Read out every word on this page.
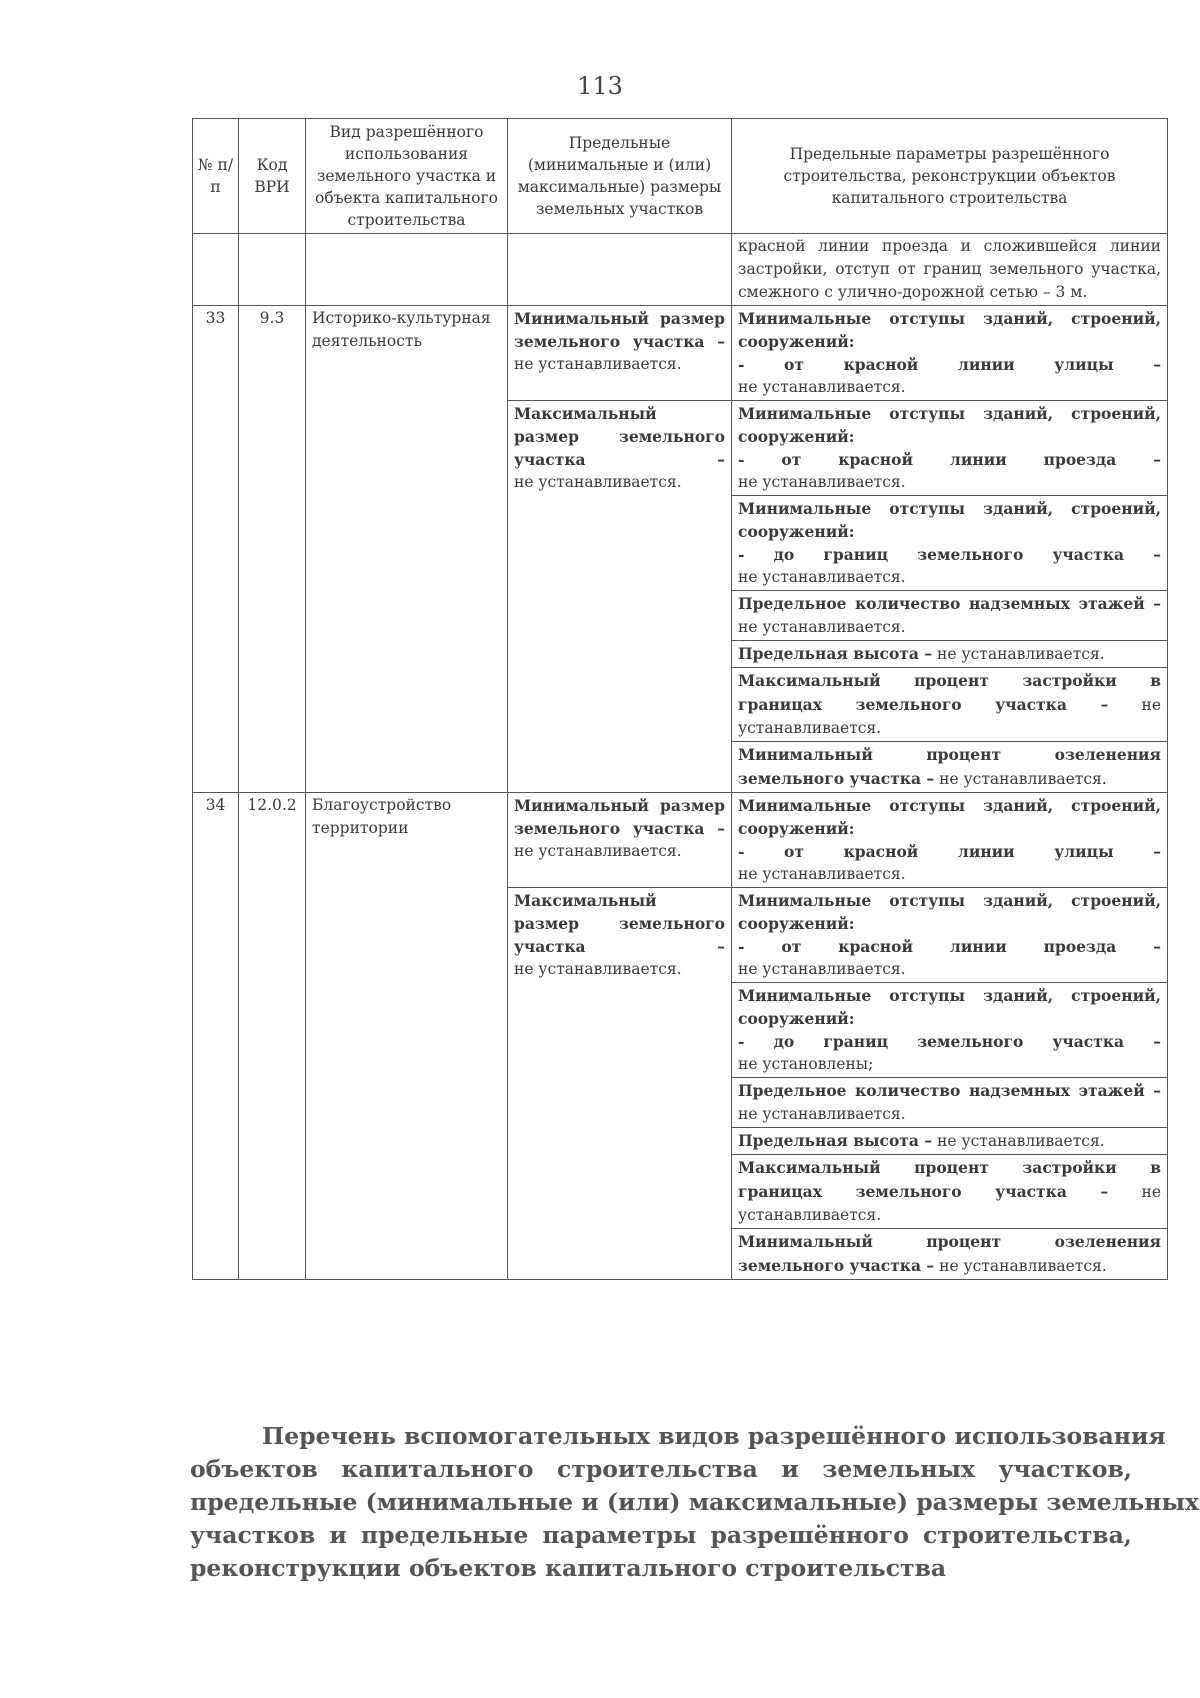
113
№ п/п	Код ВРИ	Вид разрешённого использования земельного участка и объекта капитального строительства	Предельные (минимальные и (или) максимальные) размеры земельных участков	Предельные параметры разрешённого строительства, реконструкции объектов капитального строительства
				красной линии проезда и сложившейся линии застройки, отступ от границ земельного участка, смежного с улично-дорожной сетью – 3 м.
33	9.3	Историко-культурная деятельность	Минимальный размер земельного участка –
не устанавливается.	Минимальные отступы зданий, строений, сооружений:
- от красной линии улицы –
не устанавливается.

			Максимальный размер земельного участка –
не устанавливается.	Минимальные отступы зданий, строений, сооружений:
- от красной линии проезда –
не устанавливается.

				Минимальные отступы зданий, строений, сооружений:
- до границ земельного участка –
не устанавливается.

				Предельное количество надземных этажей – не устанавливается.

				Предельная высота – не устанавливается.

				Максимальный процент застройки в границах земельного участка – не устанавливается.

				Минимальный процент озеленения земельного участка – не устанавливается.

34	12.0.2	Благоустройство территории	Минимальный размер земельного участка –
не устанавливается.	Минимальные отступы зданий, строений, сооружений:
- от красной линии улицы –
не устанавливается.

			Максимальный размер земельного участка –
не устанавливается.	Минимальные отступы зданий, строений, сооружений:
- от красной линии проезда –
не устанавливается.

				Минимальные отступы зданий, строений, сооружений:
- до границ земельного участка –
не установлены;

				Предельное количество надземных этажей – не устанавливается.

				Предельная высота – не устанавливается.

				Максимальный процент застройки в границах земельного участка – не устанавливается.

				Минимальный процент озеленения земельного участка – не устанавливается.
Перечень вспомогательных видов разрешённого использования
объектов капитального строительства и земельных участков,
предельные (минимальные и (или) максимальные) размеры земельных
участков и предельные параметры разрешённого строительства,
реконструкции объектов капитального строительства
